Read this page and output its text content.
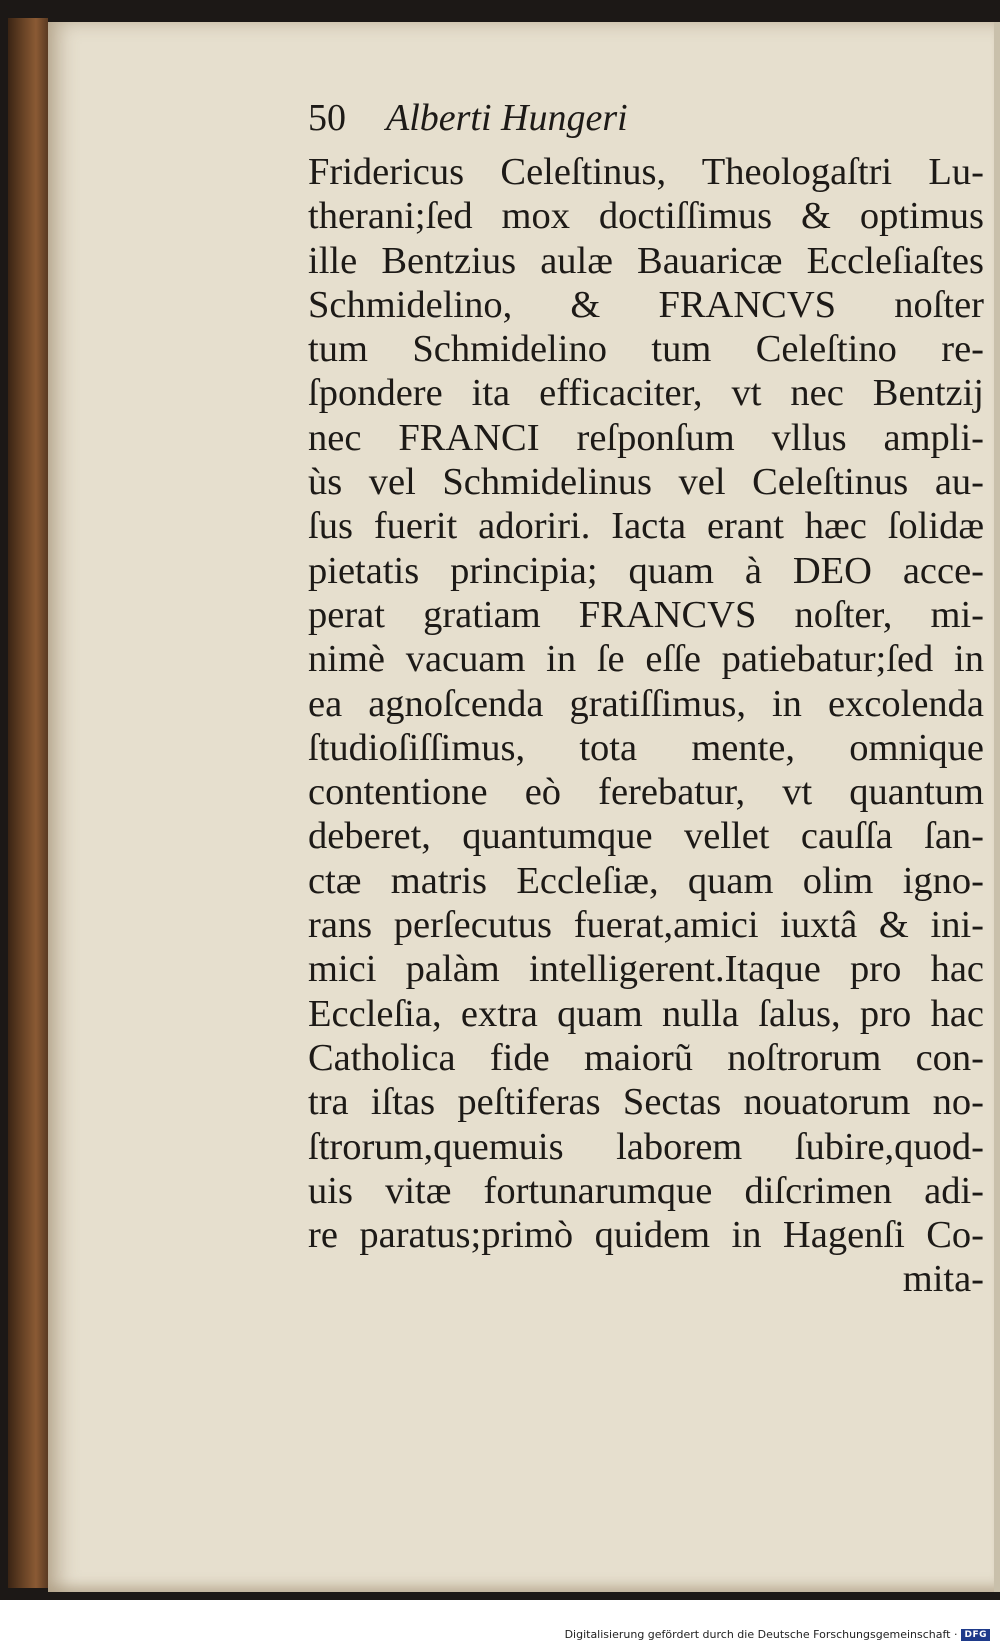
50 Alberti Hungeri
Fridericus Celeſtinus, Theologaſtri Lu-
therani;ſed mox doctiſſimus & optimus
ille Bentzius aulæ Bauaricæ Eccleſiaſtes
Schmidelino, & FRANCVS noſter
tum Schmidelino tum Celeſtino re-
ſpondere ita efficaciter, vt nec Bentzij
nec FRANCI reſponſum vllus ampli-
ùs vel Schmidelinus vel Celeſtinus au-
ſus fuerit adoriri. Iacta erant hæc ſolidæ
pietatis principia; quam à DEO acce-
perat gratiam FRANCVS noſter, mi-
nimè vacuam in ſe eſſe patiebatur;ſed in
ea agnoſcenda gratiſſimus, in excolenda
ſtudioſiſſimus, tota mente, omnique
contentione eò ferebatur, vt quantum
deberet, quantumque vellet cauſſa ſan-
ctæ matris Eccleſiæ, quam olim igno-
rans perſecutus fuerat,amici iuxtâ & ini-
mici palàm intelligerent.Itaque pro hac
Eccleſia, extra quam nulla ſalus, pro hac
Catholica fide maiorũ noſtrorum con-
tra iſtas peſtiferas Sectas nouatorum no-
ſtrorum,quemuis laborem ſubire,quod-
uis vitæ fortunarumque diſcrimen adi-
re paratus;primò quidem in Hagenſi Co-
mita-
Digitalisierung gefördert durch die Deutsche Forschungsgemeinschaft · DFG
